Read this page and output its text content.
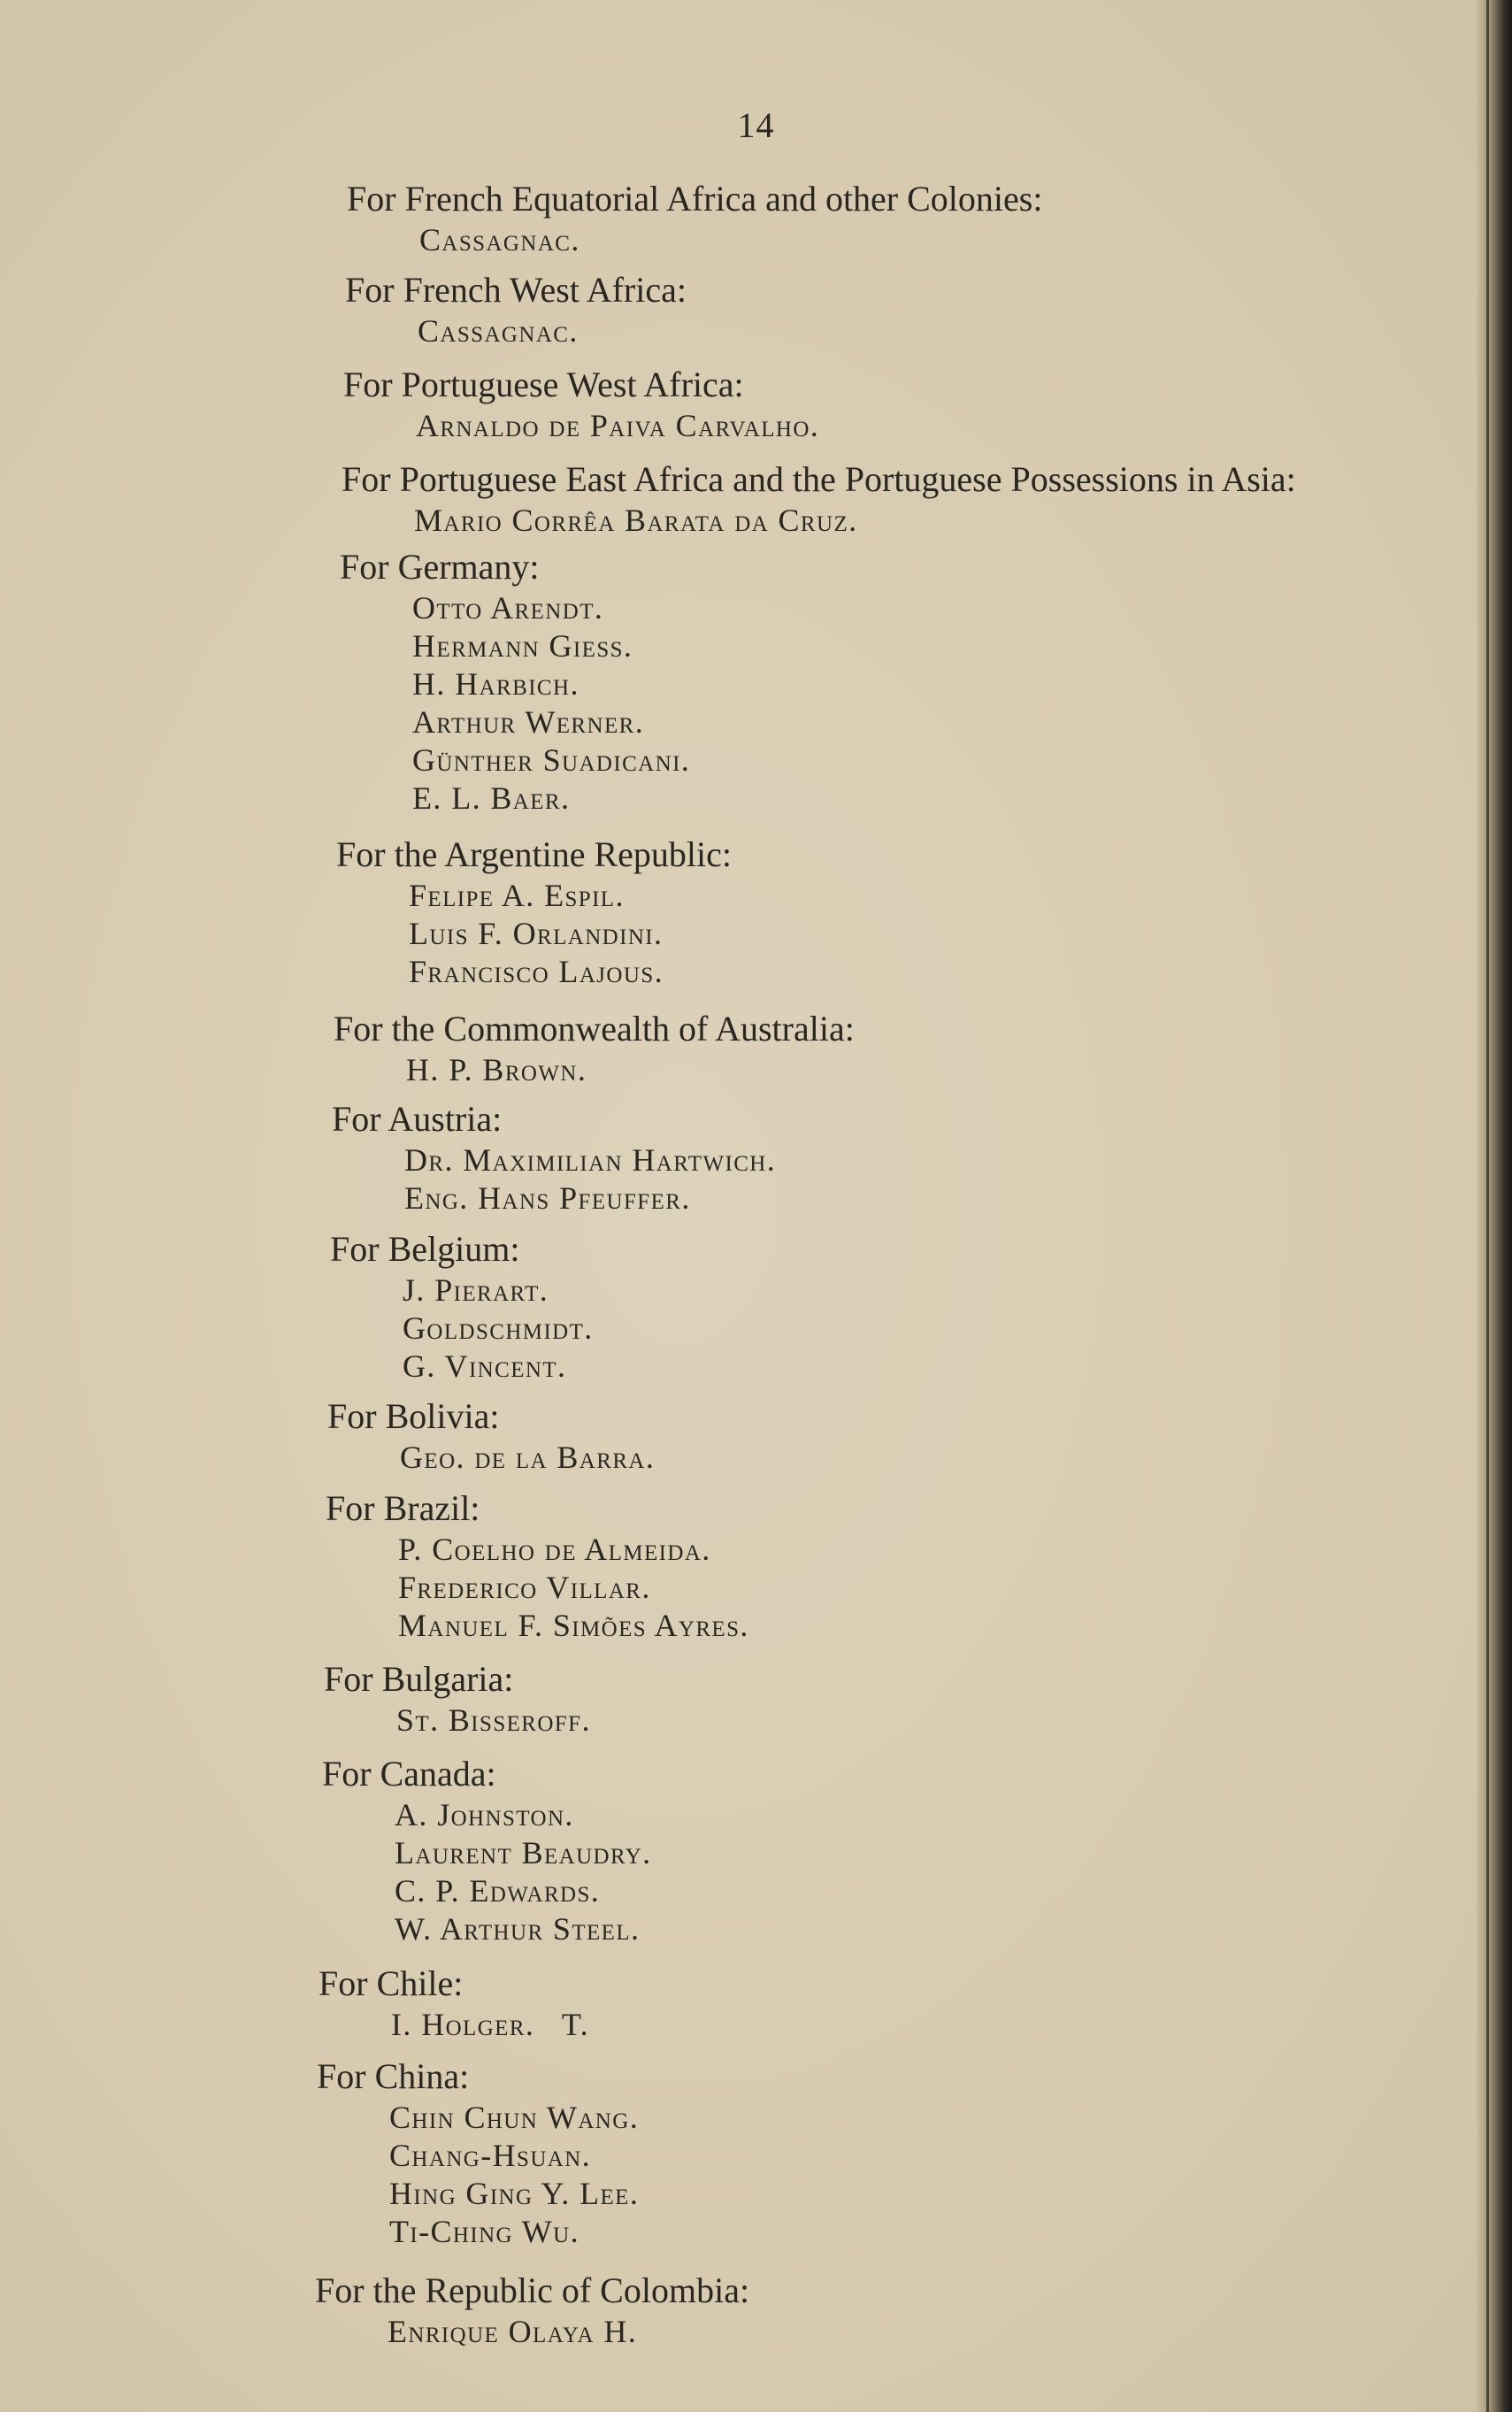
14
For French Equatorial Africa and other Colonies:
Cassagnac.
For French West Africa:
Cassagnac.
For Portuguese West Africa:
Arnaldo de Paiva Carvalho.
For Portuguese East Africa and the Portuguese Possessions in Asia:
Mario Corrêa Barata da Cruz.
For Germany:
Otto Arendt.
Hermann Giess.
H. Harbich.
Arthur Werner.
Günther Suadicani.
E. L. Baer.
For the Argentine Republic:
Felipe A. Espil.
Luis F. Orlandini.
Francisco Lajous.
For the Commonwealth of Australia:
H. P. Brown.
For Austria:
Dr. Maximilian Hartwich.
Eng. Hans Pfeuffer.
For Belgium:
J. Pierart.
Goldschmidt.
G. Vincent.
For Bolivia:
Geo. de la Barra.
For Brazil:
P. Coelho de Almeida.
Frederico Villar.
Manuel F. Simões Ayres.
For Bulgaria:
St. Bisseroff.
For Canada:
A. Johnston.
Laurent Beaudry.
C. P. Edwards.
W. Arthur Steel.
For Chile:
I. Holger.   T.
For China:
Chin Chun Wang.
Chang-Hsuan.
Hing Ging Y. Lee.
Ti-Ching Wu.
For the Republic of Colombia:
Enrique Olaya H.
